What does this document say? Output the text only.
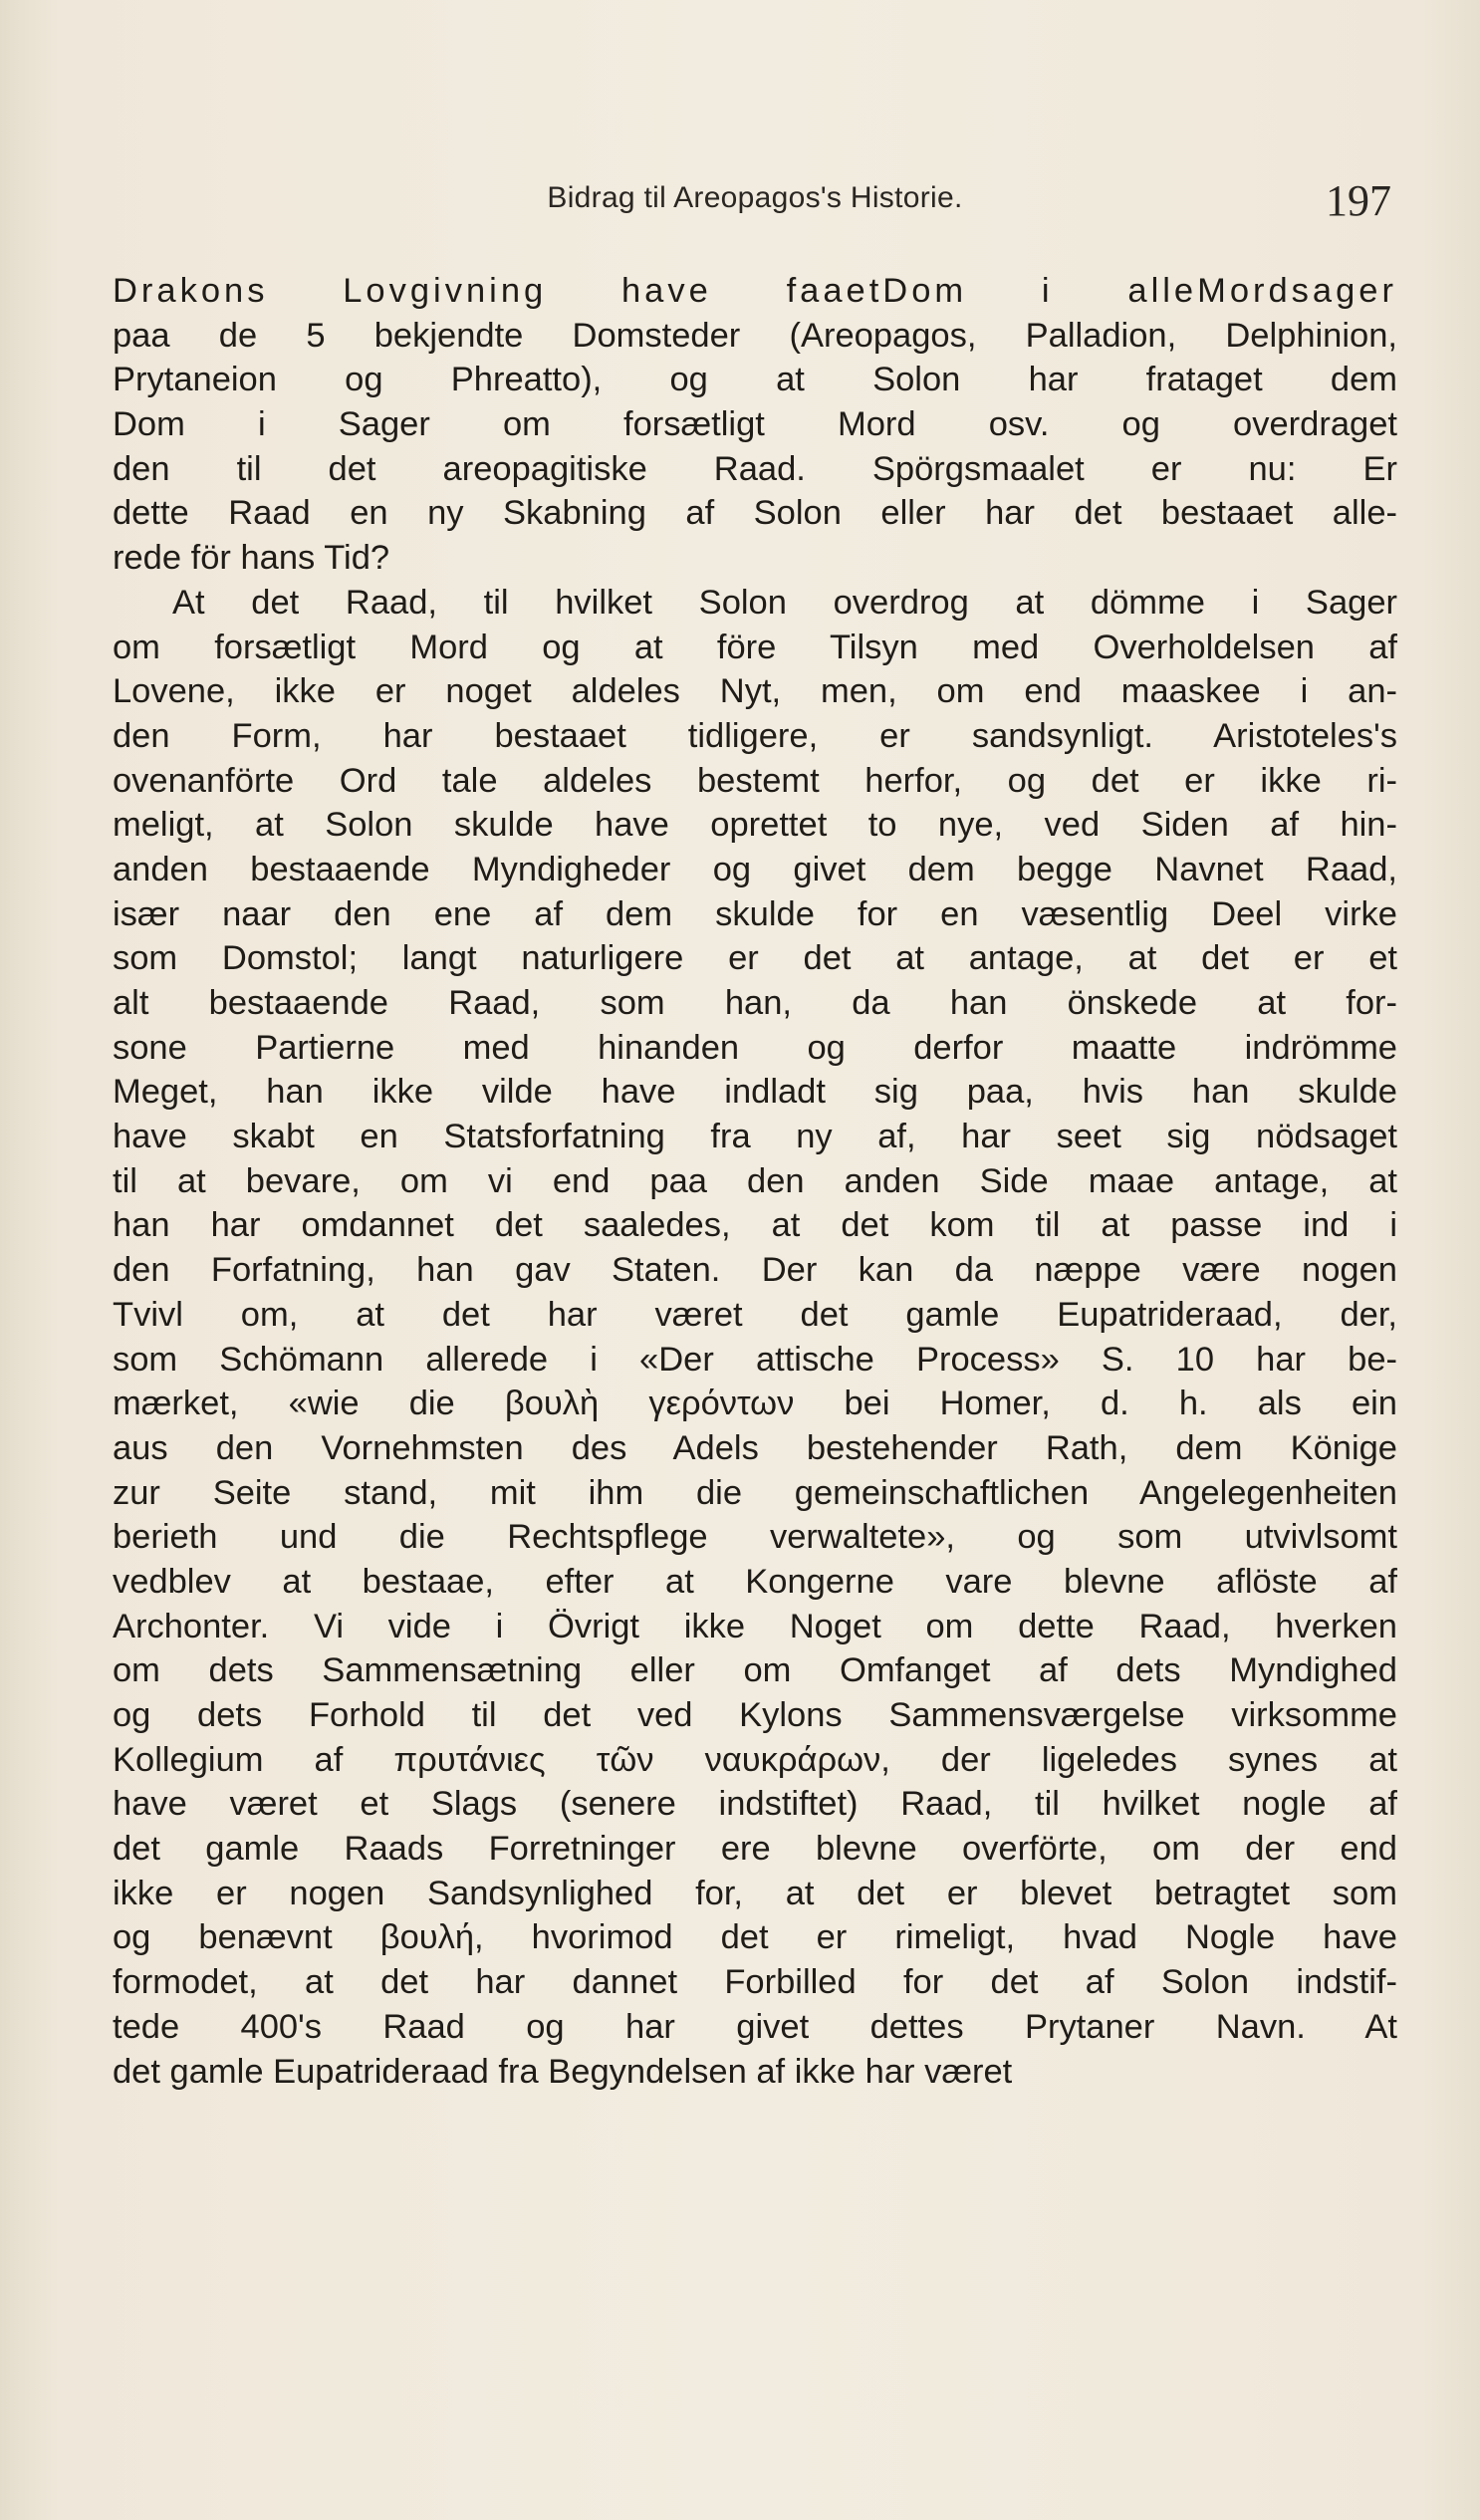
Bidrag til Areopagos's Historie.	197
Drakons Lovgivning have faaetDom i alleMordsager
paa de 5 bekjendte Domsteder (Areopagos, Palladion, Delphinion,
Prytaneion og Phreatto), og at Solon har frataget dem
Dom i Sager om forsætligt Mord osv. og overdraget
den til det areopagitiske Raad. Spörgsmaalet er nu: Er
dette Raad en ny Skabning af Solon eller har det bestaaet alle-
rede för hans Tid?
At det Raad, til hvilket Solon overdrog at dömme i Sager
om forsætligt Mord og at före Tilsyn med Overholdelsen af
Lovene, ikke er noget aldeles Nyt, men, om end maaskee i an-
den Form, har bestaaet tidligere, er sandsynligt. Aristoteles's
ovenanförte Ord tale aldeles bestemt herfor, og det er ikke ri-
meligt, at Solon skulde have oprettet to nye, ved Siden af hin-
anden bestaaende Myndigheder og givet dem begge Navnet Raad,
især naar den ene af dem skulde for en væsentlig Deel virke
som Domstol; langt naturligere er det at antage, at det er et
alt bestaaende Raad, som han, da han önskede at for-
sone Partierne med hinanden og derfor maatte indrömme
Meget, han ikke vilde have indladt sig paa, hvis han skulde
have skabt en Statsforfatning fra ny af, har seet sig nödsaget
til at bevare, om vi end paa den anden Side maae antage, at
han har omdannet det saaledes, at det kom til at passe ind i
den Forfatning, han gav Staten. Der kan da næppe være nogen
Tvivl om, at det har været det gamle Eupatrideraad, der,
som Schömann allerede i «Der attische Process» S. 10 har be-
mærket, «wie die βουλὴ γερόντων bei Homer, d. h. als ein
aus den Vornehmsten des Adels bestehender Rath, dem Könige
zur Seite stand, mit ihm die gemeinschaftlichen Angelegenheiten
berieth und die Rechtspflege verwaltete», og som utvivlsomt
vedblev at bestaae, efter at Kongerne vare blevne aflöste af
Archonter. Vi vide i Övrigt ikke Noget om dette Raad, hverken
om dets Sammensætning eller om Omfanget af dets Myndighed
og dets Forhold til det ved Kylons Sammensværgelse virksomme
Kollegium af πρυτάνιες τῶν ναυκράρων, der ligeledes synes at
have været et Slags (senere indstiftet) Raad, til hvilket nogle af
det gamle Raads Forretninger ere blevne overförte, om der end
ikke er nogen Sandsynlighed for, at det er blevet betragtet som
og benævnt βουλή, hvorimod det er rimeligt, hvad Nogle have
formodet, at det har dannet Forbilled for det af Solon indstif-
tede 400's Raad og har givet dettes Prytaner Navn. At
det gamle Eupatrideraad fra Begyndelsen af ikke har været
